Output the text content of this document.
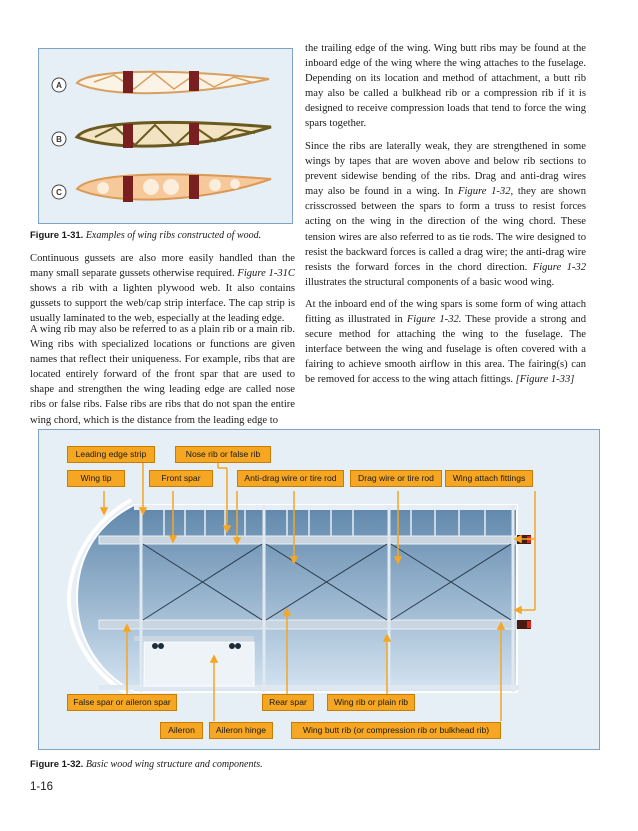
A
B
C
Figure 1-31. Examples of wing ribs constructed of wood.

Continuous gussets are also more easily handled than the many small separate gussets otherwise required. Figure 1-31C shows a rib with a lighten plywood web. It also contains gussets to support the web/cap strip interface. The cap strip is usually laminated to the web, especially at the leading edge.

A wing rib may also be referred to as a plain rib or a main rib. Wing ribs with specialized locations or functions are given names that reflect their uniqueness. For example, ribs that are located entirely forward of the front spar that are used to shape and strengthen the wing leading edge are called nose ribs or false ribs. False ribs are ribs that do not span the entire wing chord, which is the distance from the leading edge to

the trailing edge of the wing. Wing butt ribs may be found at the inboard edge of the wing where the wing attaches to the fuselage. Depending on its location and method of attachment, a butt rib may also be called a bulkhead rib or a compression rib if it is designed to receive compression loads that tend to force the wing spars together.

Since the ribs are laterally weak, they are strengthened in some wings by tapes that are woven above and below rib sections to prevent sidewise bending of the ribs. Drag and anti-drag wires may also be found in a wing. In Figure 1-32, they are shown crisscrossed between the spars to form a truss to resist forces acting on the wing in the direction of the wing chord. These tension wires are also referred to as tie rods. The wire designed to resist the backward forces is called a drag wire; the anti-drag wire resists the forward forces in the chord direction. Figure 1-32 illustrates the structural components of a basic wood wing.

At the inboard end of the wing spars is some form of wing attach fitting as illustrated in Figure 1-32. These provide a strong and secure method for attaching the wing to the fuselage. The interface between the wing and fuselage is often covered with a fairing to achieve smooth airflow in this area. The fairing(s) can be removed for access to the wing attach fittings. [Figure 1-33]

Leading edge strip	Nose rib or false rib
Wing tip	Front spar	Anti-drag wire or tire rod	Drag wire or tire rod	Wing attach fittings
False spar or aileron spar	Rear spar	Wing rib or plain rib
Aileron	Aileron hinge	Wing butt rib (or compression rib or bulkhead rib)
Figure 1-32. Basic wood wing structure and components.
1-16
